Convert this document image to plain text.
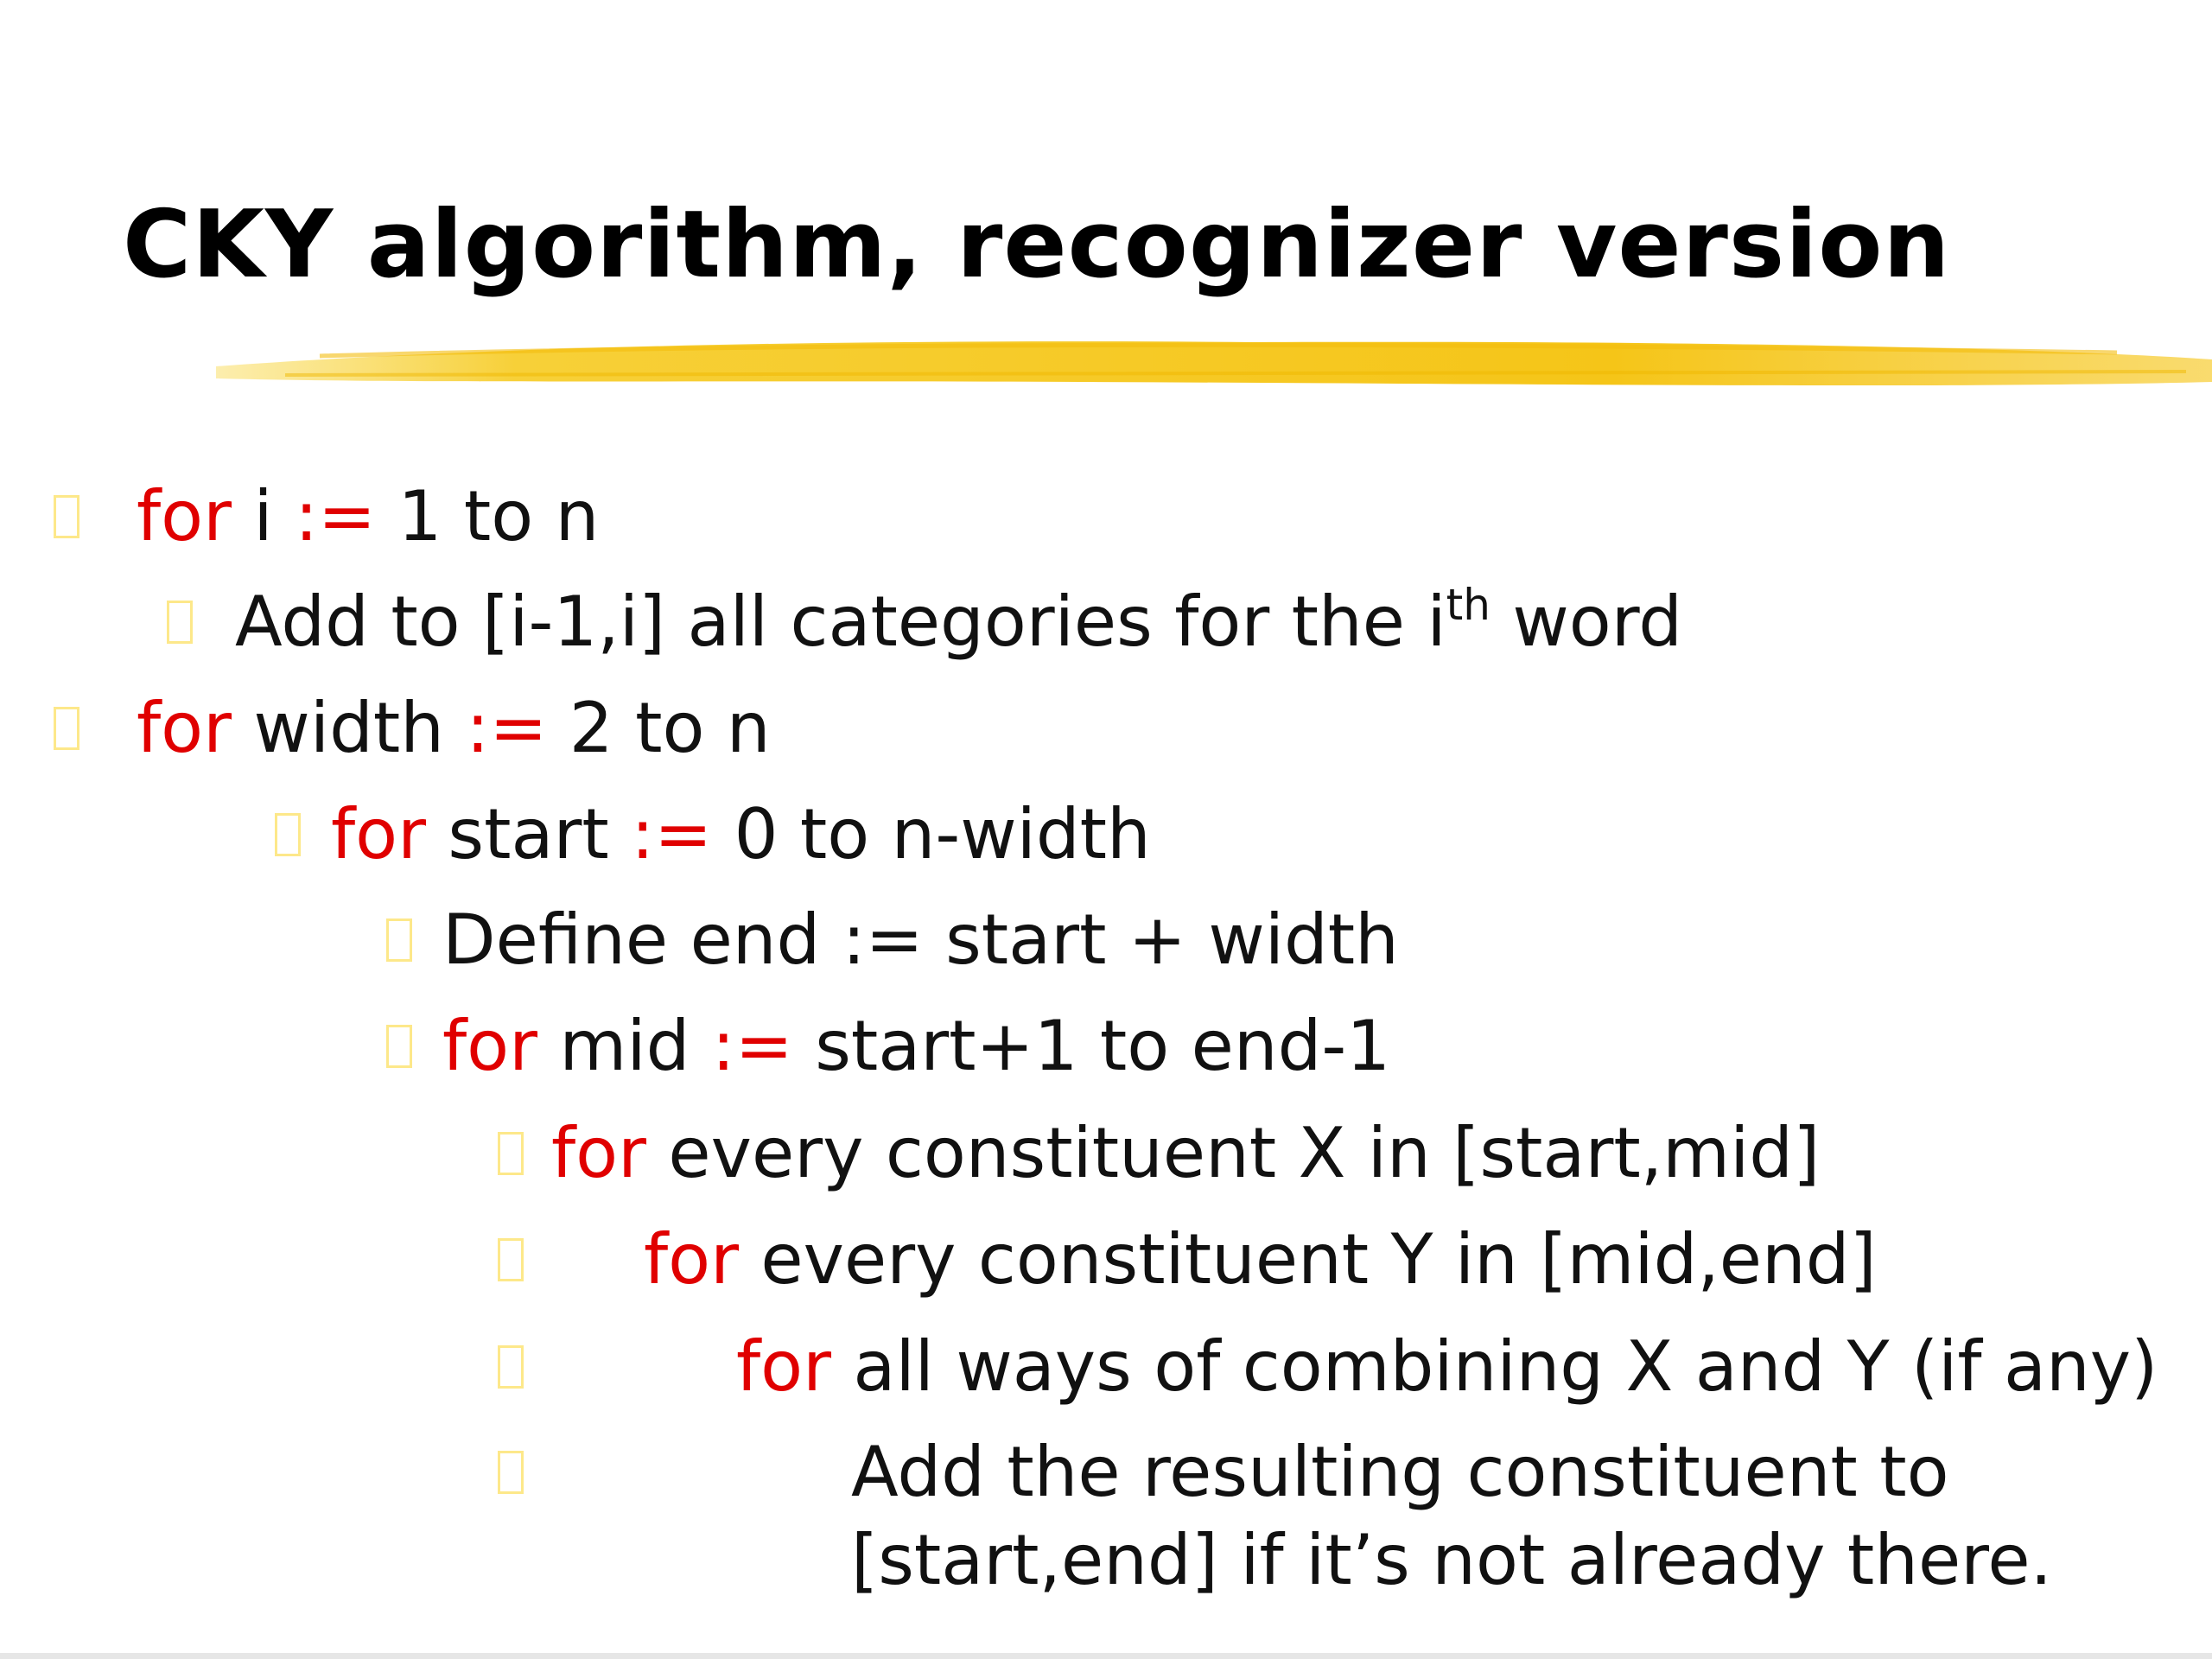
CKY algorithm, recognizer version
for i := 1 to n
Add to [i-1,i] all categories for the $i^{th}$ word
for width := 2 to n
for start := 0 to n-width
Define end := start + width
for mid := start+1 to end-1
for every constituent X in [start,mid]
for every constituent Y in [mid,end]
for all ways of combining X and Y (if any)
Add the resulting constituent to
[start,end] if it’s not already there.
